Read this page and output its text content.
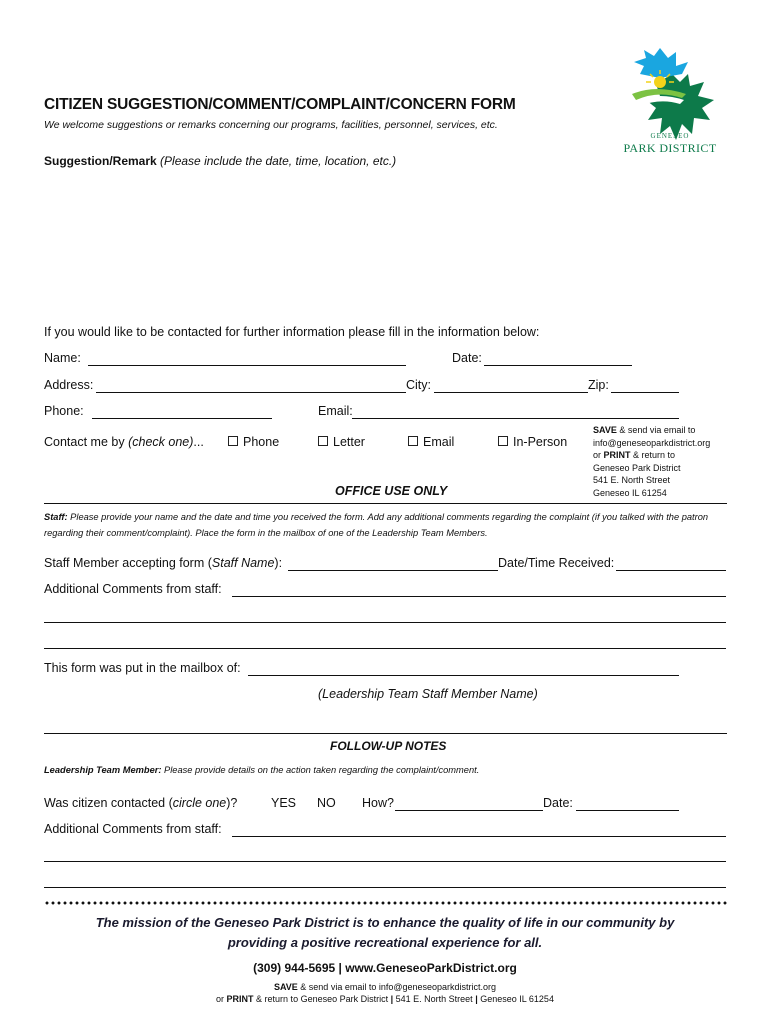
GENESEO
PARK DISTRICT
CITIZEN SUGGESTION/COMMENT/COMPLAINT/CONCERN FORM
We welcome suggestions or remarks concerning our programs, facilities, personnel, services, etc.
Suggestion/Remark (Please include the date, time, location, etc.)
If you would like to be contacted for further information please fill in the information below:
Name:	Date:
Address:	City:	Zip:
Phone:	Email:
Contact me by (check one)...	Phone	Letter	Email	In-Person
SAVE & send via email to
info@geneseoparkdistrict.org
or PRINT & return to
Geneseo Park District
541 E. North Street
Geneseo IL 61254
OFFICE USE ONLY
Staff: Please provide your name and the date and time you received the form. Add any additional comments regarding the complaint (if you talked with the patron regarding their comment/complaint). Place the form in the mailbox of one of the Leadership Team Members.
Staff Member accepting form (Staff Name):	Date/Time Received:
Additional Comments from staff:
This form was put in the mailbox of:
(Leadership Team Staff Member Name)
FOLLOW-UP NOTES
Leadership Team Member: Please provide details on the action taken regarding the complaint/comment.
Was citizen contacted (circle one)?	YES NO How?	Date:
Additional Comments from staff:
The mission of the Geneseo Park District is to enhance the quality of life in our community by
providing a positive recreational experience for all.
(309) 944-5695 | www.GeneseoParkDistrict.org
SAVE & send via email to info@geneseoparkdistrict.org
or PRINT & return to Geneseo Park District | 541 E. North Street | Geneseo IL 61254
